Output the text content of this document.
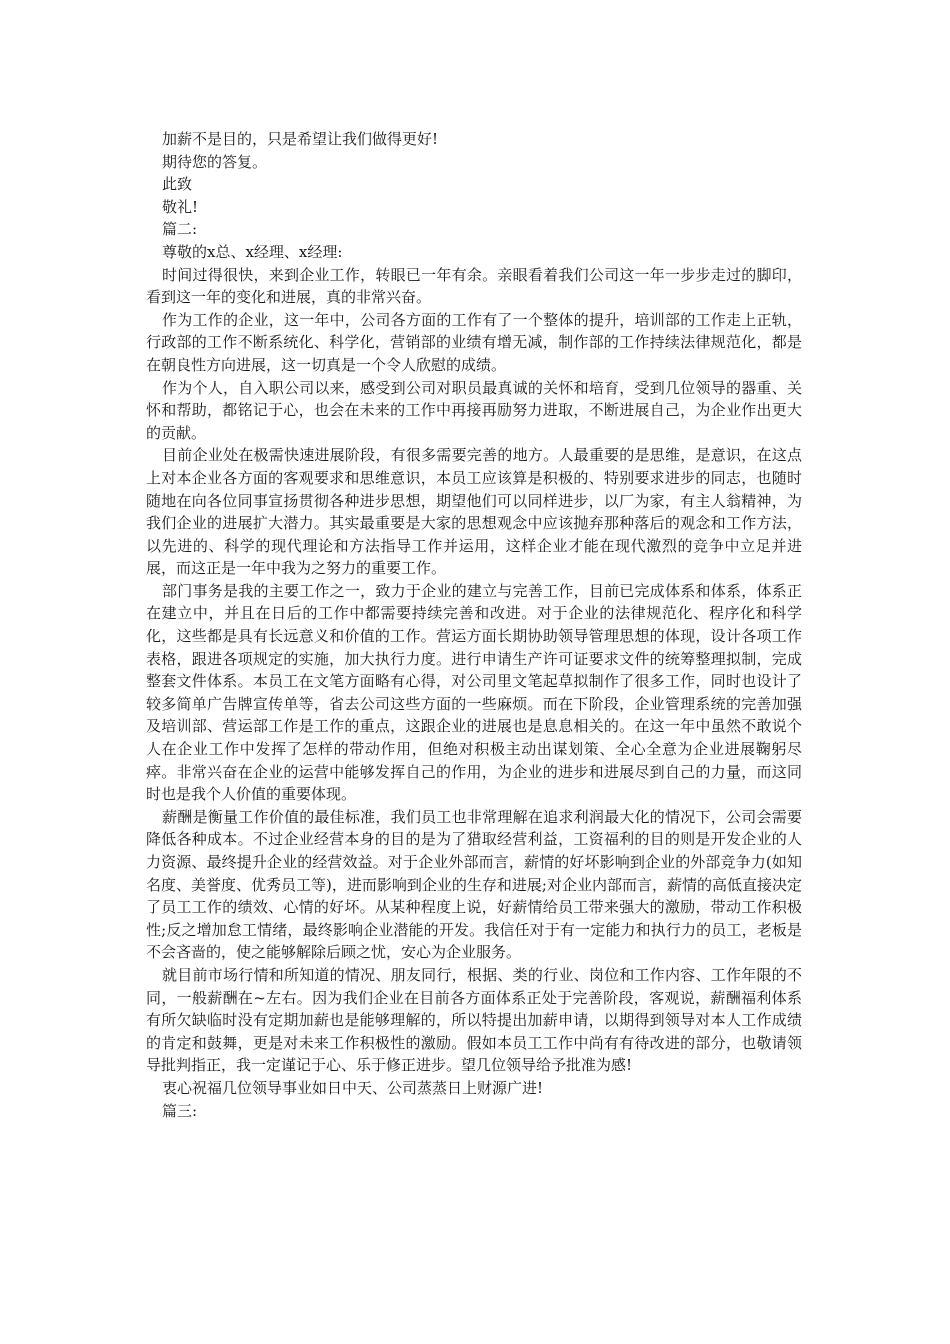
加薪不是目的，只是希望让我们做得更好!

期待您的答复。

此致

敬礼!

篇二:

尊敬的x总、x经理、x经理:

时间过得很快，来到企业工作，转眼已一年有余。亲眼看着我们公司这一年一步步走过的脚印，看到这一年的变化和进展，真的非常兴奋。

作为工作的企业，这一年中，公司各方面的工作有了一个整体的提升，培训部的工作走上正轨，行政部的工作不断系统化、科学化，营销部的业绩有增无减，制作部的工作持续法律规范化，都是在朝良性方向进展，这一切真是一个令人欣慰的成绩。

作为个人，自入职公司以来，感受到公司对职员最真诚的关怀和培育，受到几位领导的器重、关怀和帮助，都铭记于心，也会在未来的工作中再接再励努力进取，不断进展自己，为企业作出更大的贡献。

目前企业处在极需快速进展阶段，有很多需要完善的地方。人最重要的是思维，是意识，在这点上对本企业各方面的客观要求和思维意识，本员工应该算是积极的、特别要求进步的同志，也随时随地在向各位同事宣扬贯彻各种进步思想，期望他们可以同样进步，以厂为家，有主人翁精神，为我们企业的进展扩大潜力。其实最重要是大家的思想观念中应该抛弃那种落后的观念和工作方法，以先进的、科学的现代理论和方法指导工作并运用，这样企业才能在现代激烈的竞争中立足并进展，而这正是一年中我为之努力的重要工作。

部门事务是我的主要工作之一，致力于企业的建立与完善工作，目前已完成体系和体系，体系正在建立中，并且在日后的工作中都需要持续完善和改进。对于企业的法律规范化、程序化和科学化，这些都是具有长远意义和价值的工作。营运方面长期协助领导管理思想的体现，设计各项工作表格，跟进各项规定的实施，加大执行力度。进行申请生产许可证要求文件的统筹整理拟制，完成整套文件体系。本员工在文笔方面略有心得，对公司里文笔起草拟制作了很多工作，同时也设计了较多简单广告牌宣传单等，省去公司这些方面的一些麻烦。而在下阶段，企业管理系统的完善加强及培训部、营运部工作是工作的重点，这跟企业的进展也是息息相关的。在这一年中虽然不敢说个人在企业工作中发挥了怎样的带动作用，但绝对积极主动出谋划策、全心全意为企业进展鞠躬尽瘁。非常兴奋在企业的运营中能够发挥自己的作用，为企业的进步和进展尽到自己的力量，而这同时也是我个人价值的重要体现。

薪酬是衡量工作价值的最佳标准，我们员工也非常理解在追求利润最大化的情况下，公司会需要降低各种成本。不过企业经营本身的目的是为了猎取经营利益，工资福利的目的则是开发企业的人力资源、最终提升企业的经营效益。对于企业外部而言，薪情的好坏影响到企业的外部竞争力(如知名度、美誉度、优秀员工等)，进而影响到企业的生存和进展;对企业内部而言，薪情的高低直接决定了员工工作的绩效、心情的好坏。从某种程度上说，好薪情给员工带来强大的激励，带动工作积极性;反之增加怠工情绪，最终影响企业潜能的开发。我信任对于有一定能力和执行力的员工，老板是不会吝啬的，使之能够解除后顾之忧，安心为企业服务。

就目前市场行情和所知道的情况、朋友同行，根据、类的行业、岗位和工作内容、工作年限的不同，一般薪酬在~左右。因为我们企业在目前各方面体系正处于完善阶段，客观说，薪酬福利体系有所欠缺临时没有定期加薪也是能够理解的，所以特提出加薪申请，以期得到领导对本人工作成绩的肯定和鼓舞，更是对未来工作积极性的激励。假如本员工工作中尚有有待改进的部分，也敬请领导批判指正，我一定谨记于心、乐于修正进步。望几位领导给予批准为感!

衷心祝福几位领导事业如日中天、公司蒸蒸日上财源广进!

篇三:
